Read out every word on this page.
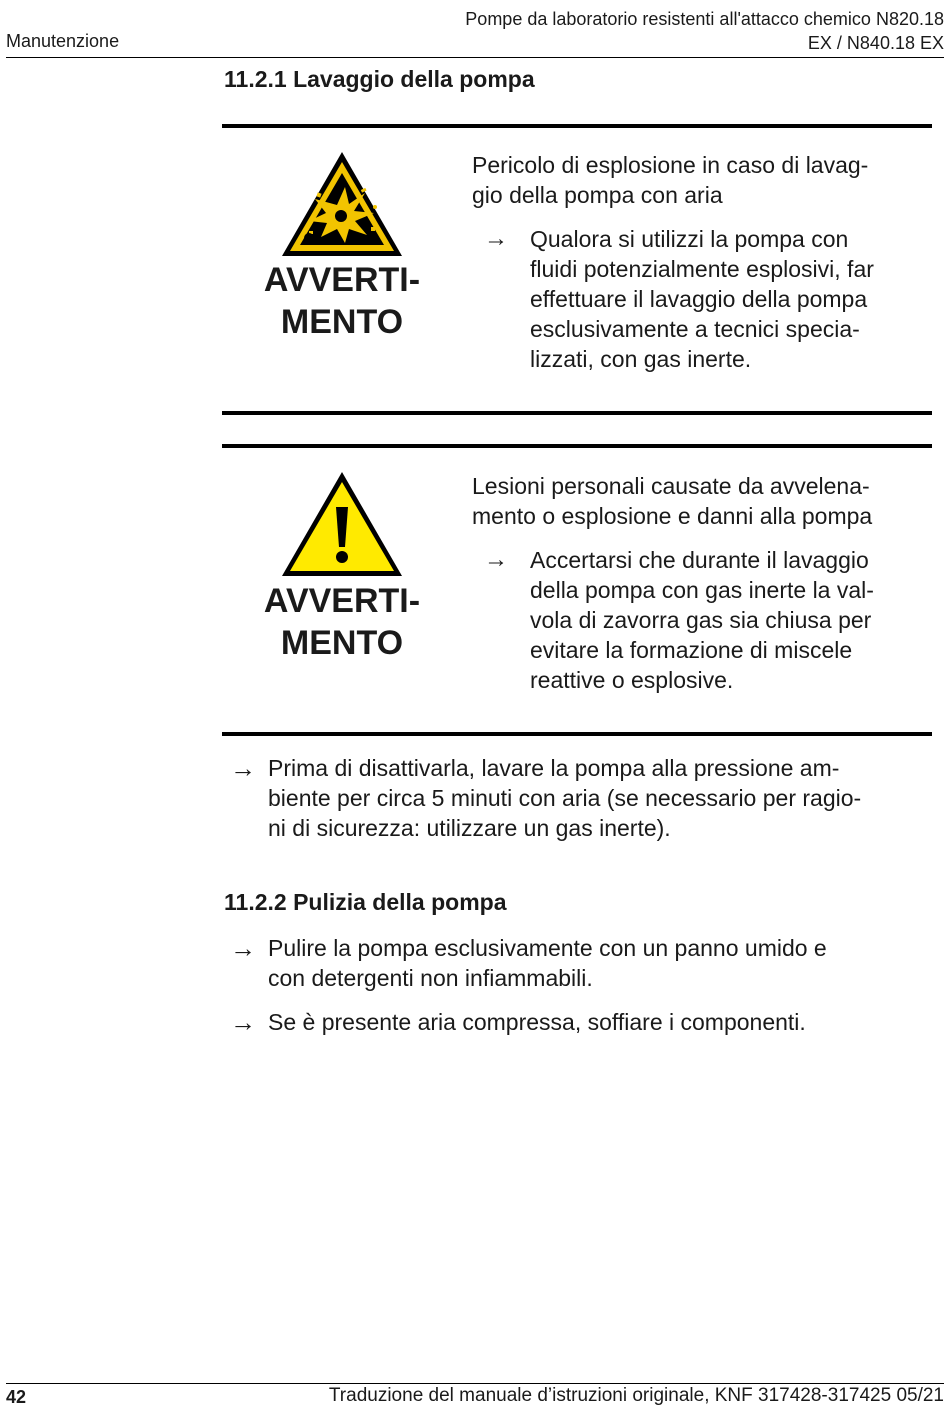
Manutenzione
Pompe da laboratorio resistenti all'attacco chemico N820.18
EX / N840.18 EX
11.2.1 Lavaggio della pompa
AVVERTI-
MENTO
Pericolo di esplosione in caso di lavag-
gio della pompa con aria
→ Qualora si utilizzi la pompa con
fluidi potenzialmente esplosivi, far
effettuare il lavaggio della pompa
esclusivamente a tecnici specia-
lizzati, con gas inerte.
AVVERTI-
MENTO
Lesioni personali causate da avvelena-
mento o esplosione e danni alla pompa
→ Accertarsi che durante il lavaggio
della pompa con gas inerte la val-
vola di zavorra gas sia chiusa per
evitare la formazione di miscele
reattive o esplosive.
→ Prima di disattivarla, lavare la pompa alla pressione am-
biente per circa 5 minuti con aria (se necessario per ragio-
ni di sicurezza: utilizzare un gas inerte).
11.2.2 Pulizia della pompa
→ Pulire la pompa esclusivamente con un panno umido e
con detergenti non infiammabili.
→ Se è presente aria compressa, soffiare i componenti.
42	Traduzione del manuale d’istruzioni originale, KNF 317428-317425 05/21
